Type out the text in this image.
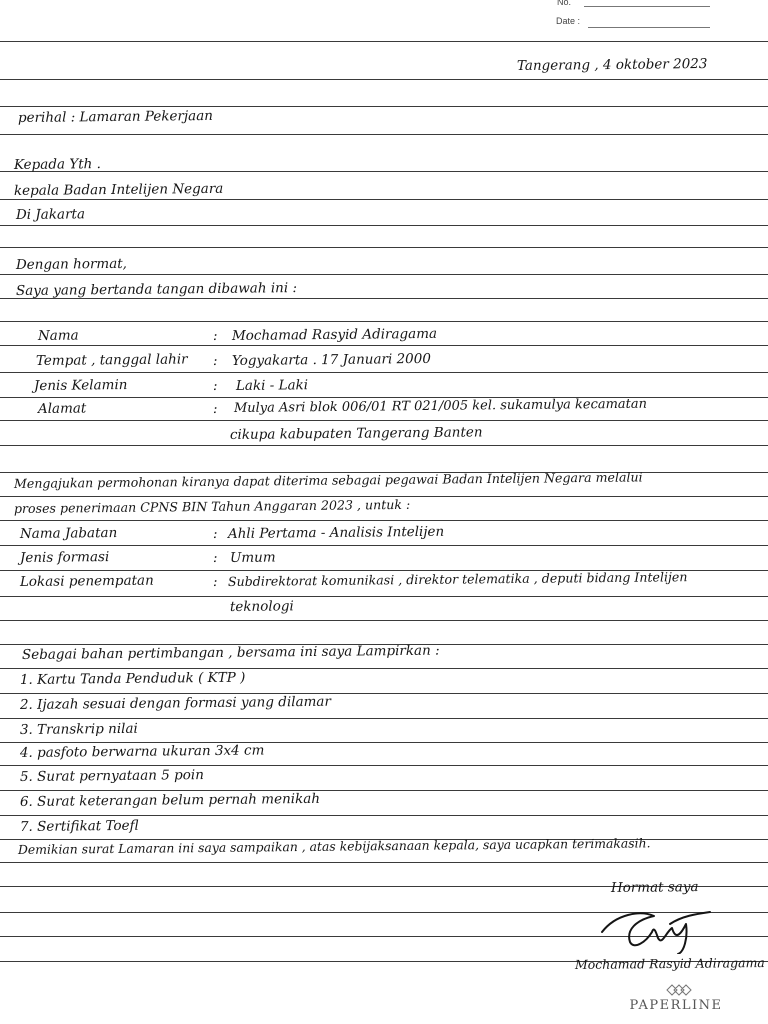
No.
Date :
Tangerang , 4 oktober 2023
perihal : Lamaran Pekerjaan
Kepada Yth .
kepala Badan Intelijen Negara
Di Jakarta
Dengan hormat,
Saya yang bertanda tangan dibawah ini :
Nama	: Mochamad Rasyid Adiragama
Tempat , tanggal lahir : Yogyakarta . 17 Januari 2000
Jenis Kelamin	: Laki - Laki
Alamat	: Mulya Asri blok 006/01 RT 021/005 kel. sukamulya kecamatan
cikupa kabupaten Tangerang Banten
Mengajukan permohonan kiranya dapat diterima sebagai pegawai Badan Intelijen Negara melalui
proses penerimaan CPNS BIN Tahun Anggaran 2023 , untuk :
Nama Jabatan	: Ahli Pertama - Analisis Intelijen
Jenis formasi	: Umum
Lokasi penempatan	: Subdirektorat komunikasi , direktor telematika , deputi bidang Intelijen
teknologi
Sebagai bahan pertimbangan , bersama ini saya Lampirkan :
1. Kartu Tanda Penduduk ( KTP )
2. Ijazah sesuai dengan formasi yang dilamar
3. Transkrip nilai
4. pasfoto berwarna ukuran 3x4 cm
5. Surat pernyataan 5 poin
6. Surat keterangan belum pernah menikah
7. Sertifikat Toefl
Demikian surat Lamaran ini saya sampaikan , atas kebijaksanaan kepala, saya ucapkan terimakasih.
Hormat saya
Mochamad Rasyid Adiragama
PAPERLINE
